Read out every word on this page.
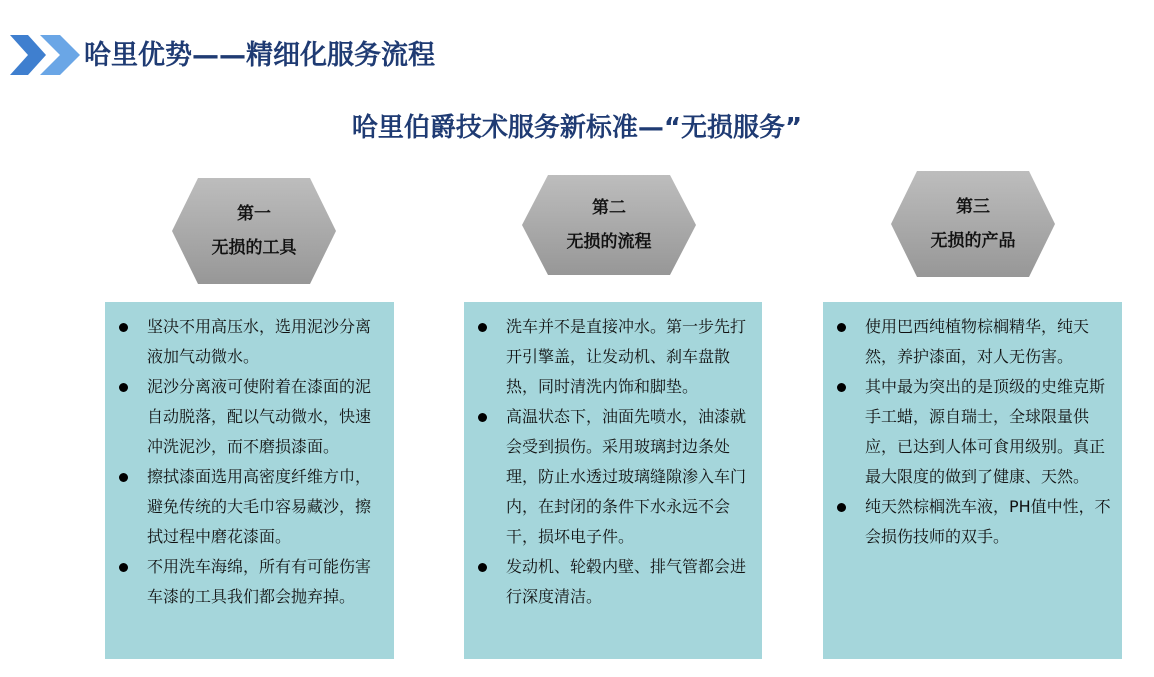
哈里优势——精细化服务流程
哈里伯爵技术服务新标准—“无损服务”
第一
无损的工具
第二
无损的流程
第三
无损的产品
坚决不用高压水，选用泥沙分离液加气动微水。
泥沙分离液可使附着在漆面的泥自动脱落，配以气动微水，快速冲洗泥沙，而不磨损漆面。
擦拭漆面选用高密度纤维方巾，避免传统的大毛巾容易藏沙，擦拭过程中磨花漆面。
不用洗车海绵，所有有可能伤害车漆的工具我们都会抛弃掉。
洗车并不是直接冲水。第一步先打开引擎盖，让发动机、刹车盘散热，同时清洗内饰和脚垫。
高温状态下，油面先喷水，油漆就会受到损伤。采用玻璃封边条处理，防止水透过玻璃缝隙渗入车门内，在封闭的条件下水永远不会干，损坏电子件。
发动机、轮毂内壁、排气管都会进行深度清洁。
使用巴西纯植物棕榈精华，纯天然，养护漆面，对人无伤害。
其中最为突出的是顶级的史维克斯手工蜡，源自瑞士，全球限量供应，已达到人体可食用级别。真正最大限度的做到了健康、天然。
纯天然棕榈洗车液，PH值中性，不会损伤技师的双手。
